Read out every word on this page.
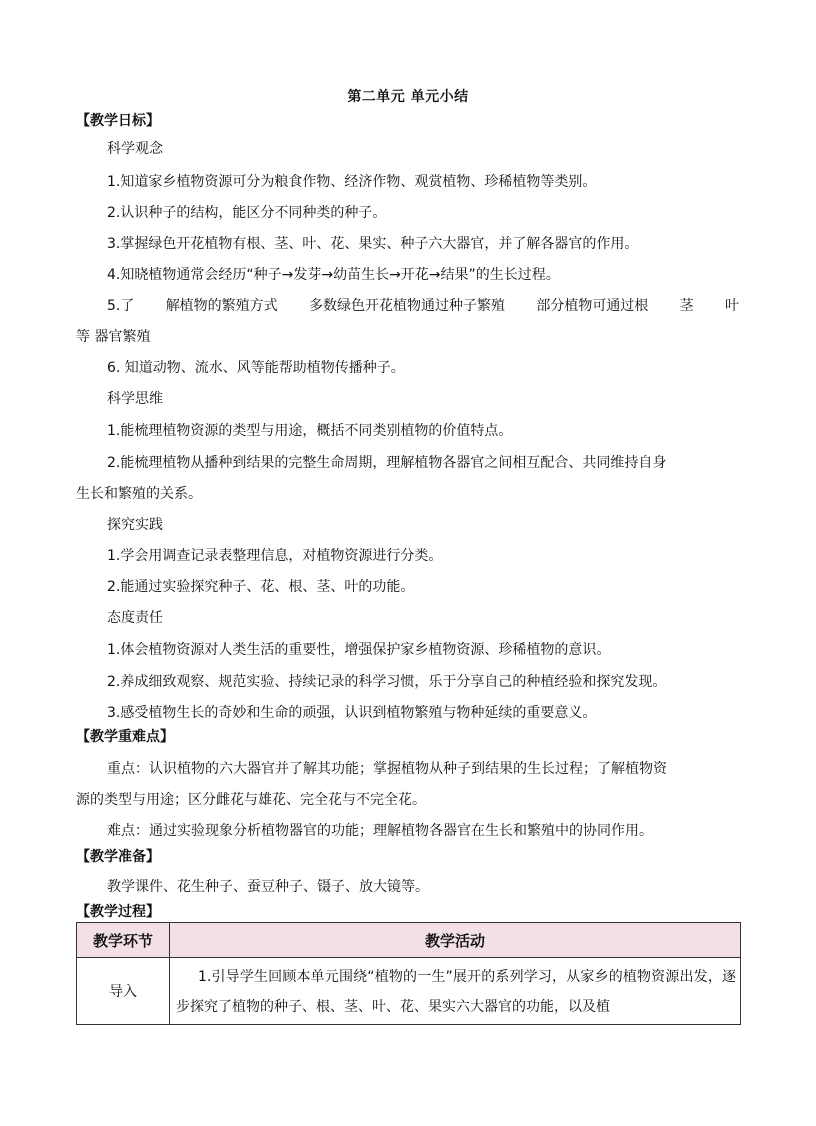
第二单元 单元小结
【教学日标】
科学观念
1.知道家乡植物资源可分为粮食作物、经济作物、观赏植物、珍稀植物等类别。
2.认识种子的结构，能区分不同种类的种子。
3.掌握绿色开花植物有根、茎、叶、花、果实、种子六大器官，并了解各器官的作用。
4.知晓植物通常会经历“种子→发芽→幼苗生长→开花→结果”的生长过程。
5.了 解植物的繁殖方式 多数绿色开花植物通过种子繁殖 部分植物可通过根 茎 叶
等 器官繁殖
6. 知道动物、流水、风等能帮助植物传播种子。
科学思维
1.能梳理植物资源的类型与用途，概括不同类别植物的价值特点。
2.能梳理植物从播种到结果的完整生命周期，理解植物各器官之间相互配合、共同维持自身
生长和繁殖的关系。
探究实践
1.学会用调查记录表整理信息，对植物资源进行分类。
2.能通过实验探究种子、花、根、茎、叶的功能。
态度责任
1.体会植物资源对人类生活的重要性，增强保护家乡植物资源、珍稀植物的意识。
2.养成细致观察、规范实验、持续记录的科学习惯，乐于分享自己的种植经验和探究发现。
3.感受植物生长的奇妙和生命的顽强，认识到植物繁殖与物种延续的重要意义。
【教学重难点】
重点：认识植物的六大器官并了解其功能；掌握植物从种子到结果的生长过程；了解植物资
源的类型与用途；区分雌花与雄花、完全花与不完全花。
难点：通过实验现象分析植物器官的功能；理解植物各器官在生长和繁殖中的协同作用。
【教学准备】
教学课件、花生种子、蚕豆种子、镊子、放大镜等。
【教学过程】
教学环节	教学活动
导入	1.引导学生回顾本单元围绕“植物的一生”展开的系列学习，从家乡的植物资源出发，逐步探究了植物的种子、根、茎、叶、花、果实六大器官的功能，以及植
